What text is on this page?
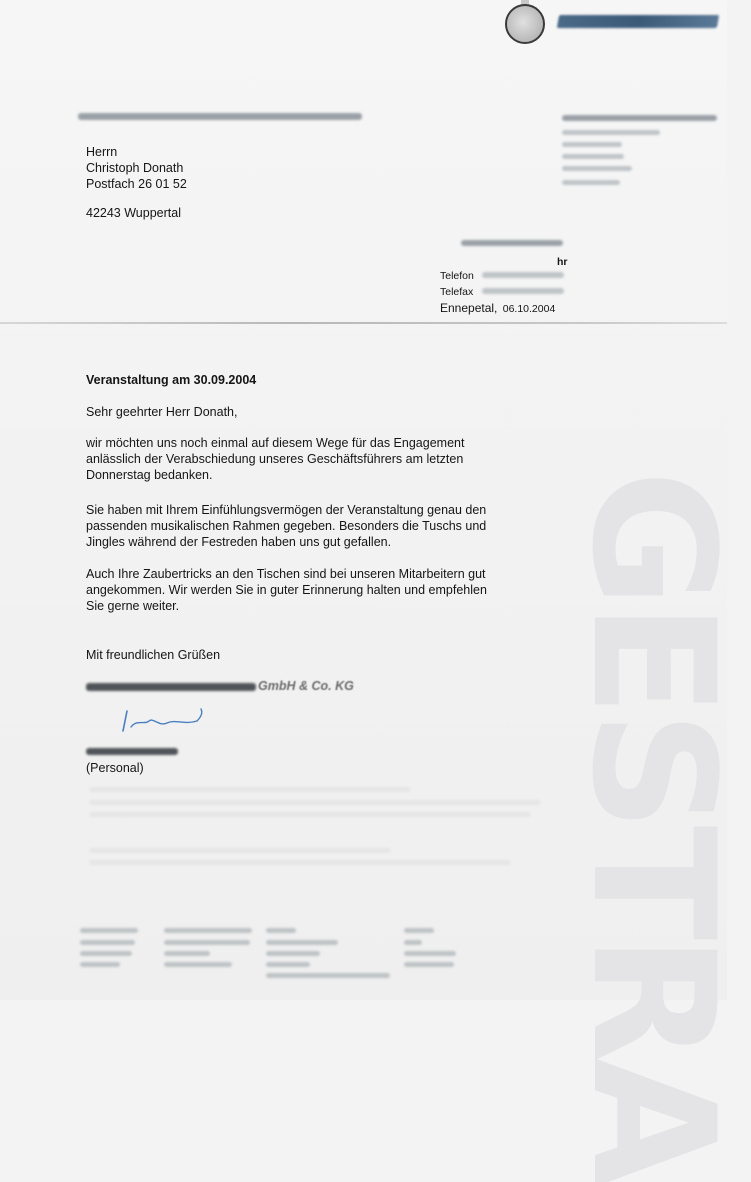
Herrn
Christoph Donath
Postfach 26 01 52
42243 Wuppertal
hr
Telefon
Telefax
Ennepetal, 06.10.2004
GESTRA
Veranstaltung am 30.09.2004
Sehr geehrter Herr Donath,
wir möchten uns noch einmal auf diesem Wege für das Engagement
anlässlich der Verabschiedung unseres Geschäftsführers am letzten
Donnerstag bedanken.
Sie haben mit Ihrem Einfühlungsvermögen der Veranstaltung genau den
passenden musikalischen Rahmen gegeben. Besonders die Tuschs und
Jingles während der Festreden haben uns gut gefallen.
Auch Ihre Zaubertricks an den Tischen sind bei unseren Mitarbeitern gut
angekommen. Wir werden Sie in guter Erinnerung halten und empfehlen
Sie gerne weiter.
Mit freundlichen Grüßen
GmbH & Co. KG
(Personal)
